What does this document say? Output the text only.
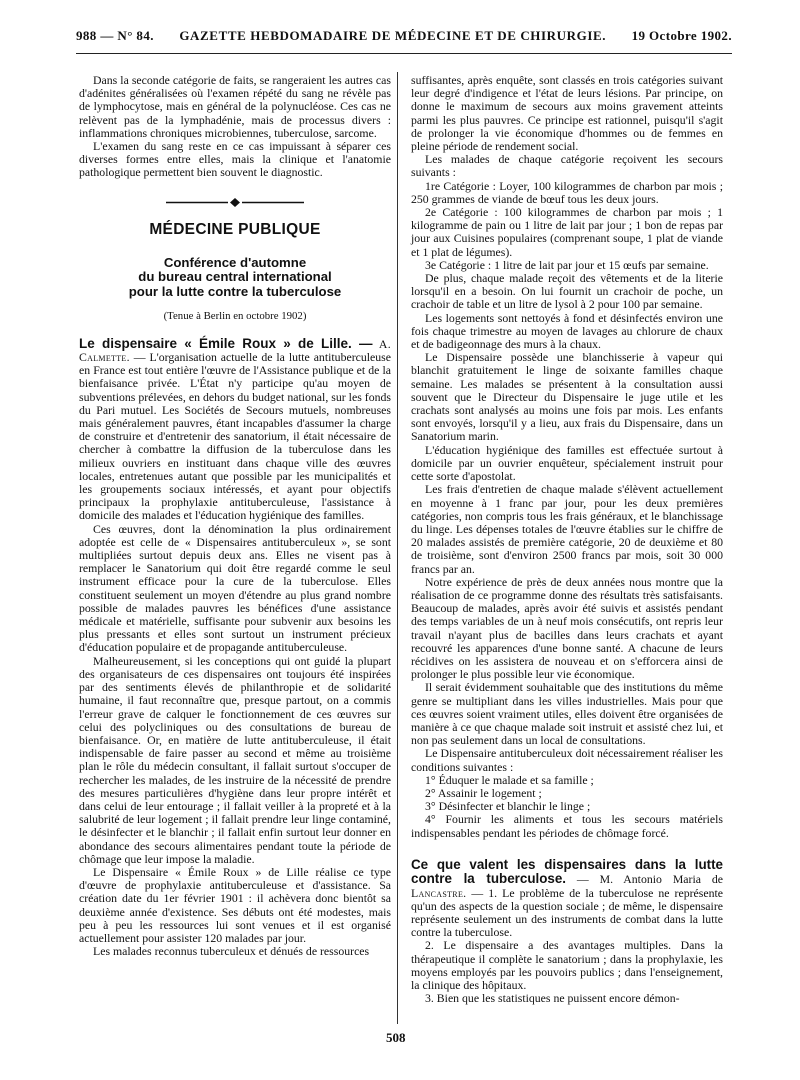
988 — N° 84. GAZETTE HEBDOMADAIRE DE MÉDECINE ET DE CHIRURGIE. 19 Octobre 1902.

Dans la seconde catégorie de faits, se rangeraient les autres cas d'adénites généralisées où l'examen répété du sang ne révèle pas de lymphocytose, mais en général de la polynucléose. Ces cas ne relèvent pas de la lymphadénie, mais de processus divers : inflammations chroniques microbiennes, tuberculose, sarcome.

L'examen du sang reste en ce cas impuissant à séparer ces diverses formes entre elles, mais la clinique et l'anatomie pathologique permettent bien souvent le diagnostic.

MÉDECINE PUBLIQUE
Conférence d'automne
du bureau central international
pour la lutte contre la tuberculose
(Tenue à Berlin en octobre 1902)

Le dispensaire « Émile Roux » de Lille. — A. Calmette. — L'organisation actuelle de la lutte antituberculeuse en France est tout entière l'œuvre de l'Assistance publique et de la bienfaisance privée. L'État n'y participe qu'au moyen de subventions prélevées, en dehors du budget national, sur les fonds du Pari mutuel. Les Sociétés de Secours mutuels, nombreuses mais généralement pauvres, étant incapables d'assumer la charge de construire et d'entretenir des sanatorium, il était nécessaire de chercher à combattre la diffusion de la tuberculose dans les milieux ouvriers en instituant dans chaque ville des œuvres locales, entretenues autant que possible par les municipalités et les groupements sociaux intéressés, et ayant pour objectifs principaux la prophylaxie antituberculeuse, l'assistance à domicile des malades et l'éducation hygiénique des familles.

Ces œuvres, dont la dénomination la plus ordinairement adoptée est celle de « Dispensaires antituberculeux », se sont multipliées surtout depuis deux ans. Elles ne visent pas à remplacer le Sanatorium qui doit être regardé comme le seul instrument efficace pour la cure de la tuberculose. Elles constituent seulement un moyen d'étendre au plus grand nombre possible de malades pauvres les bénéfices d'une assistance médicale et matérielle, suffisante pour subvenir aux besoins les plus pressants et elles sont surtout un instrument précieux d'éducation populaire et de propagande antituberculeuse.

Malheureusement, si les conceptions qui ont guidé la plupart des organisateurs de ces dispensaires ont toujours été inspirées par des sentiments élevés de philanthropie et de solidarité humaine, il faut reconnaître que, presque partout, on a commis l'erreur grave de calquer le fonctionnement de ces œuvres sur celui des polycliniques ou des consultations de bureau de bienfaisance. Or, en matière de lutte antituberculeuse, il était indispensable de faire passer au second et même au troisième plan le rôle du médecin consultant, il fallait surtout s'occuper de rechercher les malades, de les instruire de la nécessité de prendre des mesures particulières d'hygiène dans leur propre intérêt et dans celui de leur entourage ; il fallait veiller à la propreté et à la salubrité de leur logement ; il fallait prendre leur linge contaminé, le désinfecter et le blanchir ; il fallait enfin surtout leur donner en abondance des secours alimentaires pendant toute la période de chômage que leur impose la maladie.

Le Dispensaire « Émile Roux » de Lille réalise ce type d'œuvre de prophylaxie antituberculeuse et d'assistance. Sa création date du 1er février 1901 : il achèvera donc bientôt sa deuxième année d'existence. Ses débuts ont été modestes, mais peu à peu les ressources lui sont venues et il est organisé actuellement pour assister 120 malades par jour.

Les malades reconnus tuberculeux et dénués de ressources

suffisantes, après enquête, sont classés en trois catégories suivant leur degré d'indigence et l'état de leurs lésions. Par principe, on donne le maximum de secours aux moins gravement atteints parmi les plus pauvres. Ce principe est rationnel, puisqu'il s'agit de prolonger la vie économique d'hommes ou de femmes en pleine période de rendement social.

Les malades de chaque catégorie reçoivent les secours suivants :

1re Catégorie : Loyer, 100 kilogrammes de charbon par mois ; 250 grammes de viande de bœuf tous les deux jours.

2e Catégorie : 100 kilogrammes de charbon par mois ; 1 kilogramme de pain ou 1 litre de lait par jour ; 1 bon de repas par jour aux Cuisines populaires (comprenant soupe, 1 plat de viande et 1 plat de légumes).

3e Catégorie : 1 litre de lait par jour et 15 œufs par semaine.

De plus, chaque malade reçoit des vêtements et de la literie lorsqu'il en a besoin. On lui fournit un crachoir de poche, un crachoir de table et un litre de lysol à 2 pour 100 par semaine.

Les logements sont nettoyés à fond et désinfectés environ une fois chaque trimestre au moyen de lavages au chlorure de chaux et de badigeonnage des murs à la chaux.

Le Dispensaire possède une blanchisserie à vapeur qui blanchit gratuitement le linge de soixante familles chaque semaine. Les malades se présentent à la consultation aussi souvent que le Directeur du Dispensaire le juge utile et les crachats sont analysés au moins une fois par mois. Les enfants sont envoyés, lorsqu'il y a lieu, aux frais du Dispensaire, dans un Sanatorium marin.

L'éducation hygiénique des familles est effectuée surtout à domicile par un ouvrier enquêteur, spécialement instruit pour cette sorte d'apostolat.

Les frais d'entretien de chaque malade s'élèvent actuellement en moyenne à 1 franc par jour, pour les deux premières catégories, non compris tous les frais généraux, et le blanchissage du linge. Les dépenses totales de l'œuvre établies sur le chiffre de 20 malades assistés de première catégorie, 20 de deuxième et 80 de troisième, sont d'environ 2500 francs par mois, soit 30 000 francs par an.

Notre expérience de près de deux années nous montre que la réalisation de ce programme donne des résultats très satisfaisants. Beaucoup de malades, après avoir été suivis et assistés pendant des temps variables de un à neuf mois consécutifs, ont repris leur travail n'ayant plus de bacilles dans leurs crachats et ayant recouvré les apparences d'une bonne santé. A chacune de leurs récidives on les assistera de nouveau et on s'efforcera ainsi de prolonger le plus possible leur vie économique.

Il serait évidemment souhaitable que des institutions du même genre se multipliant dans les villes industrielles. Mais pour que ces œuvres soient vraiment utiles, elles doivent être organisées de manière à ce que chaque malade soit instruit et assisté chez lui, et non pas seulement dans un local de consultations.

Le Dispensaire antituberculeux doit nécessairement réaliser les conditions suivantes :

1° Éduquer le malade et sa famille ;

2° Assainir le logement ;

3° Désinfecter et blanchir le linge ;

4° Fournir les aliments et tous les secours matériels indispensables pendant les périodes de chômage forcé.

Ce que valent les dispensaires dans la lutte contre la tuberculose. — M. Antonio Maria de Lancastre. — 1. Le problème de la tuberculose ne représente qu'un des aspects de la question sociale ; de même, le dispensaire représente seulement un des instruments de combat dans la lutte contre la tuberculose.

2. Le dispensaire a des avantages multiples. Dans la thérapeutique il complète le sanatorium ; dans la prophylaxie, les moyens employés par les pouvoirs publics ; dans l'enseignement, la clinique des hôpitaux.

3. Bien que les statistiques ne puissent encore démon-

508
